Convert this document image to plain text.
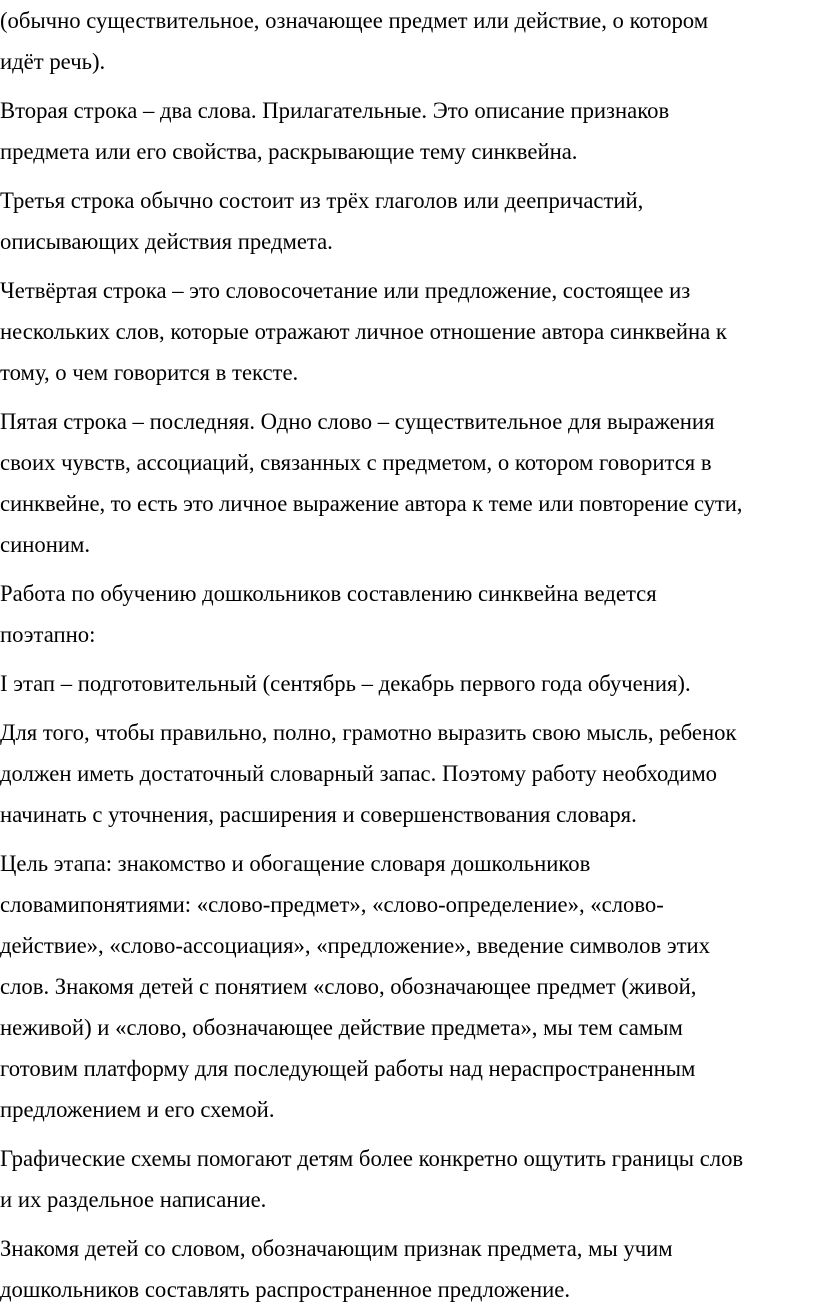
(обычно существительное, означающее предмет или действие, о котором
идёт речь).

Вторая строка – два слова. Прилагательные. Это описание признаков
предмета или его свойства, раскрывающие тему синквейна.

Третья строка обычно состоит из трёх глаголов или деепричастий,
описывающих действия предмета.

Четвёртая строка – это словосочетание или предложение, состоящее из
нескольких слов, которые отражают личное отношение автора синквейна к
тому, о чем говорится в тексте.

Пятая строка – последняя. Одно слово – существительное для выражения
своих чувств, ассоциаций, связанных с предметом, о котором говорится в
синквейне, то есть это личное выражение автора к теме или повторение сути,
синоним.

Работа по обучению дошкольников составлению синквейна ведется
поэтапно:

I этап – подготовительный (сентябрь – декабрь первого года обучения).

Для того, чтобы правильно, полно, грамотно выразить свою мысль, ребенок
должен иметь достаточный словарный запас. Поэтому работу необходимо
начинать с уточнения, расширения и совершенствования словаря.

Цель этапа: знакомство и обогащение словаря дошкольников
словамипонятиями: «слово-предмет», «слово-определение», «слово-
действие», «слово-ассоциация», «предложение», введение символов этих
слов. Знакомя детей с понятием «слово, обозначающее предмет (живой,
неживой) и «слово, обозначающее действие предмета», мы тем самым
готовим платформу для последующей работы над нераспространенным
предложением и его схемой.

Графические схемы помогают детям более конкретно ощутить границы слов
и их раздельное написание.

Знакомя детей со словом, обозначающим признак предмета, мы учим
дошкольников составлять распространенное предложение.
